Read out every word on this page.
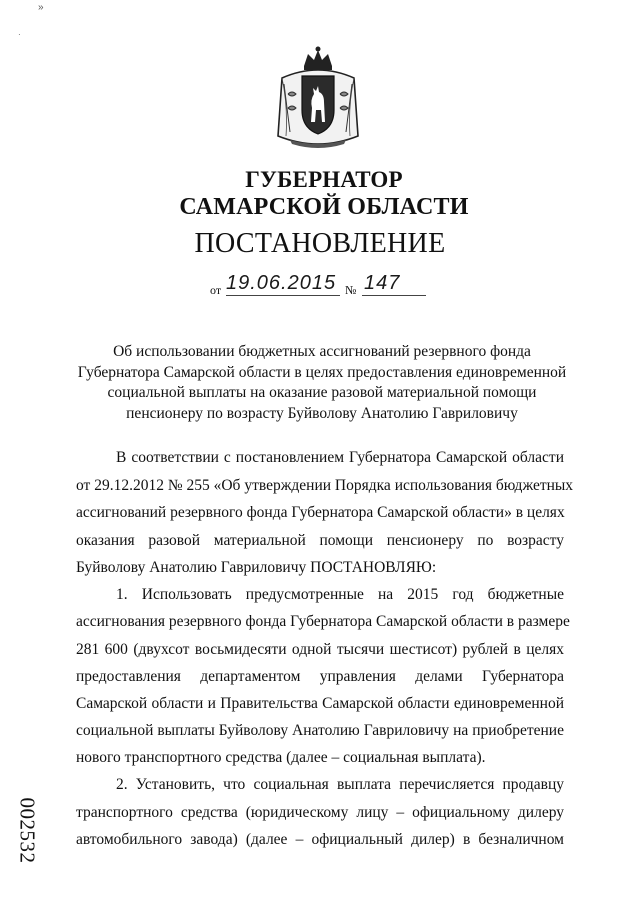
»
·
ГУБЕРНАТОР
САМАРСКОЙ ОБЛАСТИ
ПОСТАНОВЛЕНИЕ
от 19.06.2015 № 147
Об использовании бюджетных ассигнований резервного фонда
Губернатора Самарской области в целях предоставления единовременной
социальной выплаты на оказание разовой материальной помощи
пенсионеру по возрасту Буйволову Анатолию Гавриловичу
В соответствии с постановлением Губернатора Самарской области
от 29.12.2012 № 255 «Об утверждении Порядка использования бюджетных
ассигнований резервного фонда Губернатора Самарской области» в целях
оказания разовой материальной помощи пенсионеру по возрасту
Буйволову Анатолию Гавриловичу ПОСТАНОВЛЯЮ:
1. Использовать предусмотренные на 2015 год бюджетные
ассигнования резервного фонда Губернатора Самарской области в размере
281 600 (двухсот восьмидесяти одной тысячи шестисот) рублей в целях
предоставления департаментом управления делами Губернатора
Самарской области и Правительства Самарской области единовременной
социальной выплаты Буйволову Анатолию Гавриловичу на приобретение
нового транспортного средства (далее – социальная выплата).
2. Установить, что социальная выплата перечисляется продавцу
транспортного средства (юридическому лицу – официальному дилеру
автомобильного завода) (далее – официальный дилер) в безналичном
002532
